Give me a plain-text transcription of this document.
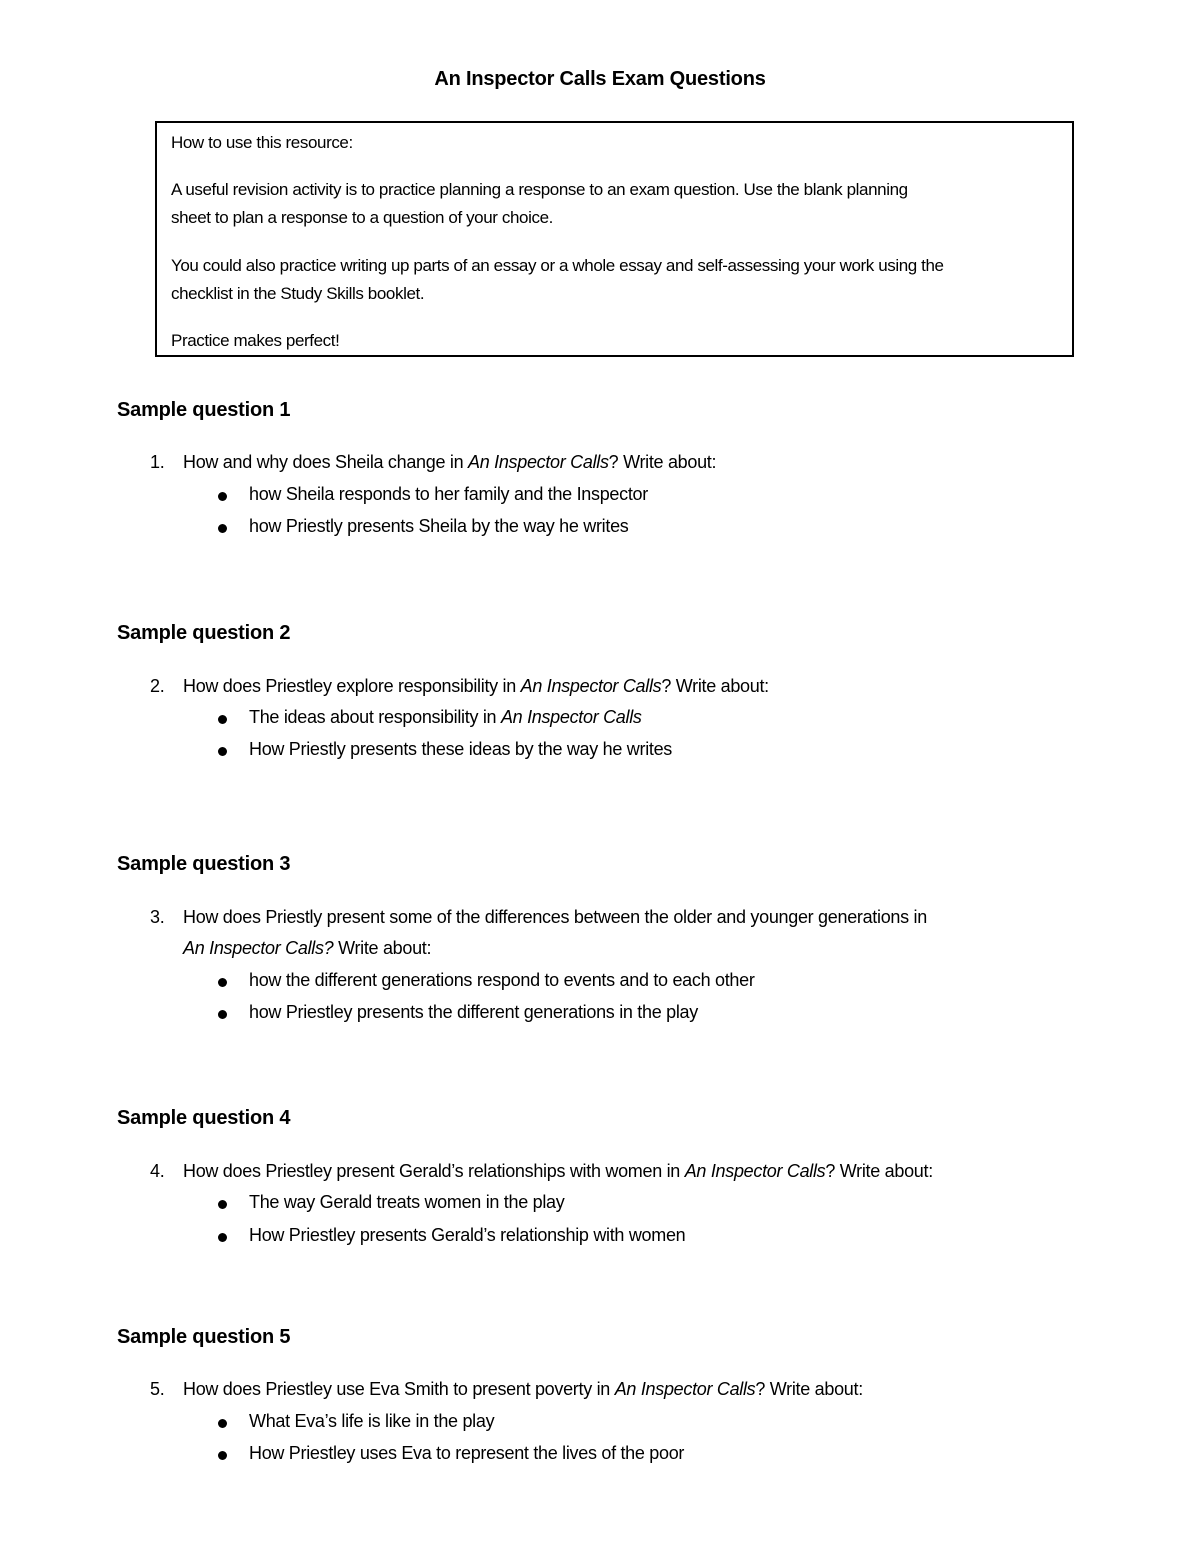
An Inspector Calls Exam Questions
How to use this resource:
A useful revision activity is to practice planning a response to an exam question. Use the blank planning
sheet to plan a response to a question of your choice.
You could also practice writing up parts of an essay or a whole essay and self-assessing your work using the
checklist in the Study Skills booklet.
Practice makes perfect!
Sample question 1
1. How and why does Sheila change in An Inspector Calls? Write about:
how Sheila responds to her family and the Inspector
how Priestly presents Sheila by the way he writes
Sample question 2
2. How does Priestley explore responsibility in An Inspector Calls? Write about:
The ideas about responsibility in An Inspector Calls
How Priestly presents these ideas by the way he writes
Sample question 3
3. How does Priestly present some of the differences between the older and younger generations in
An Inspector Calls? Write about:
how the different generations respond to events and to each other
how Priestley presents the different generations in the play
Sample question 4
4. How does Priestley present Gerald’s relationships with women in An Inspector Calls? Write about:
The way Gerald treats women in the play
How Priestley presents Gerald’s relationship with women
Sample question 5
5. How does Priestley use Eva Smith to present poverty in An Inspector Calls? Write about:
What Eva’s life is like in the play
How Priestley uses Eva to represent the lives of the poor
